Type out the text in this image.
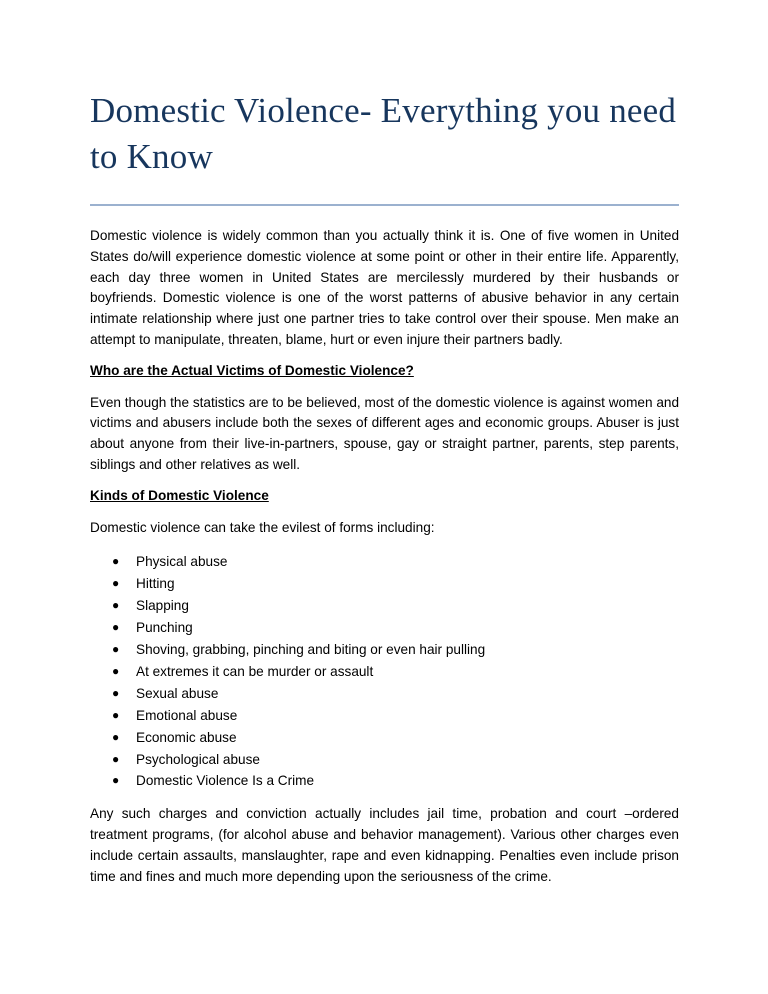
Domestic Violence- Everything you need to Know

Domestic violence is widely common than you actually think it is. One of five women in United States do/will experience domestic violence at some point or other in their entire life. Apparently, each day three women in United States are mercilessly murdered by their husbands or boyfriends. Domestic violence is one of the worst patterns of abusive behavior in any certain intimate relationship where just one partner tries to take control over their spouse. Men make an attempt to manipulate, threaten, blame, hurt or even injure their partners badly.

Who are the Actual Victims of Domestic Violence?

Even though the statistics are to be believed, most of the domestic violence is against women and victims and abusers include both the sexes of different ages and economic groups. Abuser is just about anyone from their live-in-partners, spouse, gay or straight partner, parents, step parents, siblings and other relatives as well.

Kinds of Domestic Violence

Domestic violence can take the evilest of forms including:

● Physical abuse
● Hitting
● Slapping
● Punching
● Shoving, grabbing, pinching and biting or even hair pulling
● At extremes it can be murder or assault
● Sexual abuse
● Emotional abuse
● Economic abuse
● Psychological abuse
● Domestic Violence Is a Crime

Any such charges and conviction actually includes jail time, probation and court –ordered treatment programs, (for alcohol abuse and behavior management). Various other charges even include certain assaults, manslaughter, rape and even kidnapping. Penalties even include prison time and fines and much more depending upon the seriousness of the crime.
